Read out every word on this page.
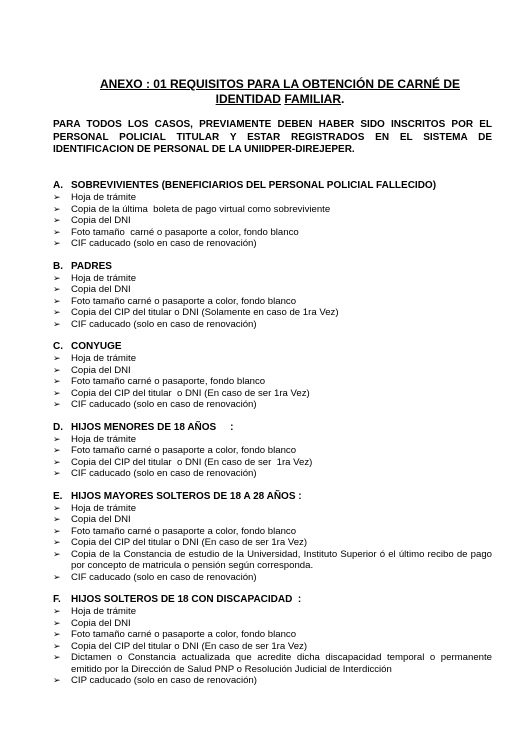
ANEXO : 01 REQUISITOS PARA LA OBTENCIÓN DE CARNÉ DE
IDENTIDAD FAMILIAR.
PARA TODOS LOS CASOS, PREVIAMENTE DEBEN HABER SIDO INSCRITOS POR EL PERSONAL POLICIAL TITULAR Y ESTAR REGISTRADOS EN EL SISTEMA DE IDENTIFICACION DE PERSONAL DE LA UNIIDPER-DIREJEPER.
A. SOBREVIVIENTES (BENEFICIARIOS DEL PERSONAL POLICIAL FALLECIDO)
➢	Hoja de trámite
➢	Copia de la última  boleta de pago virtual como sobreviviente
➢	Copia del DNI
➢	Foto tamaño  carné o pasaporte a color, fondo blanco
➢	CIF caducado (solo en caso de renovación)
B. PADRES
➢	Hoja de trámite
➢	Copia del DNI
➢	Foto tamaño carné o pasaporte a color, fondo blanco
➢	Copia del CIP del titular o DNI (Solamente en caso de 1ra Vez)
➢	CIF caducado (solo en caso de renovación)
C. CONYUGE
➢	Hoja de trámite
➢	Copia del DNI
➢	Foto tamaño carné o pasaporte, fondo blanco
➢	Copia del CIP del titular  o DNI (En caso de ser 1ra Vez)
➢	CIF caducado (solo en caso de renovación)
D. HIJOS MENORES DE 18 AÑOS     :
➢	Hoja de trámite
➢	Foto tamaño carné o pasaporte a color, fondo blanco
➢	Copia del CIP del titular  o DNI (En caso de ser  1ra Vez)
➢	CIF caducado (solo en caso de renovación)
E. HIJOS MAYORES SOLTEROS DE 18 A 28 AÑOS :
➢	Hoja de trámite
➢	Copia del DNI
➢	Foto tamaño carné o pasaporte a color, fondo blanco
➢	Copia del CIP del titular o DNI (En caso de ser 1ra Vez)
➢	Copia de la Constancia de estudio de la Universidad, Instituto Superior ó el último recibo de pago por concepto de matricula o pensión según corresponda.
➢	CIF caducado (solo en caso de renovación)
F.	HIJOS SOLTEROS DE 18 CON DISCAPACIDAD  :
➢	Hoja de trámite
➢	Copia del DNI
➢	Foto tamaño carné o pasaporte a color, fondo blanco
➢	Copia del CIP del titular o DNI (En caso de ser 1ra Vez)
➢	Dictamen o Constancia actualizada que acredite dicha discapacidad temporal o permanente emitido por la Dirección de Salud PNP o Resolución Judicial de Interdicción
➢	CIP caducado (solo en caso de renovación)
